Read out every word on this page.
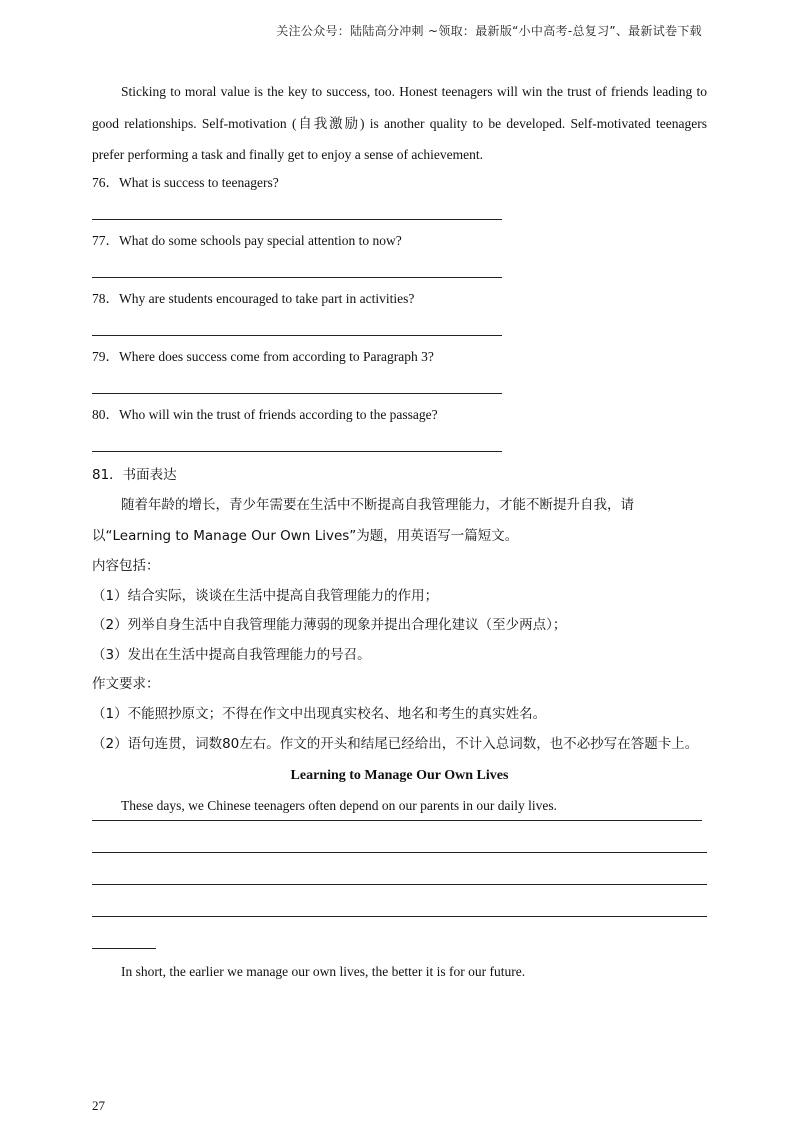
关注公众号：陆陆高分冲刺 ~领取：最新版“小中高考-总复习”、最新试卷下载

Sticking to moral value is the key to success, too. Honest teenagers will win the trust of friends leading to good relationships. Self-motivation (自我激励) is another quality to be developed. Self-motivated teenagers prefer performing a task and finally get to enjoy a sense of achievement.

76．What is success to teenagers?

77．What do some schools pay special attention to now?

78．Why are students encouraged to take part in activities?

79．Where does success come from according to Paragraph 3?

80．Who will win the trust of friends according to the passage?

81．书面表达

随着年龄的增长，青少年需要在生活中不断提高自我管理能力，才能不断提升自我，请以“Learning to Manage Our Own Lives”为题，用英语写一篇短文。

内容包括：

（1）结合实际，谈谈在生活中提高自我管理能力的作用；

（2）列举自身生活中自我管理能力薄弱的现象并提出合理化建议（至少两点）；

（3）发出在生活中提高自我管理能力的号召。

作文要求：

（1）不能照抄原文；不得在作文中出现真实校名、地名和考生的真实姓名。

（2）语句连贯，词数80左右。作文的开头和结尾已经给出，不计入总词数，也不必抄写在答题卡上。

Learning to Manage Our Own Lives

These days, we Chinese teenagers often depend on our parents in our daily lives.

In short, the earlier we manage our own lives, the better it is for our future.

27
